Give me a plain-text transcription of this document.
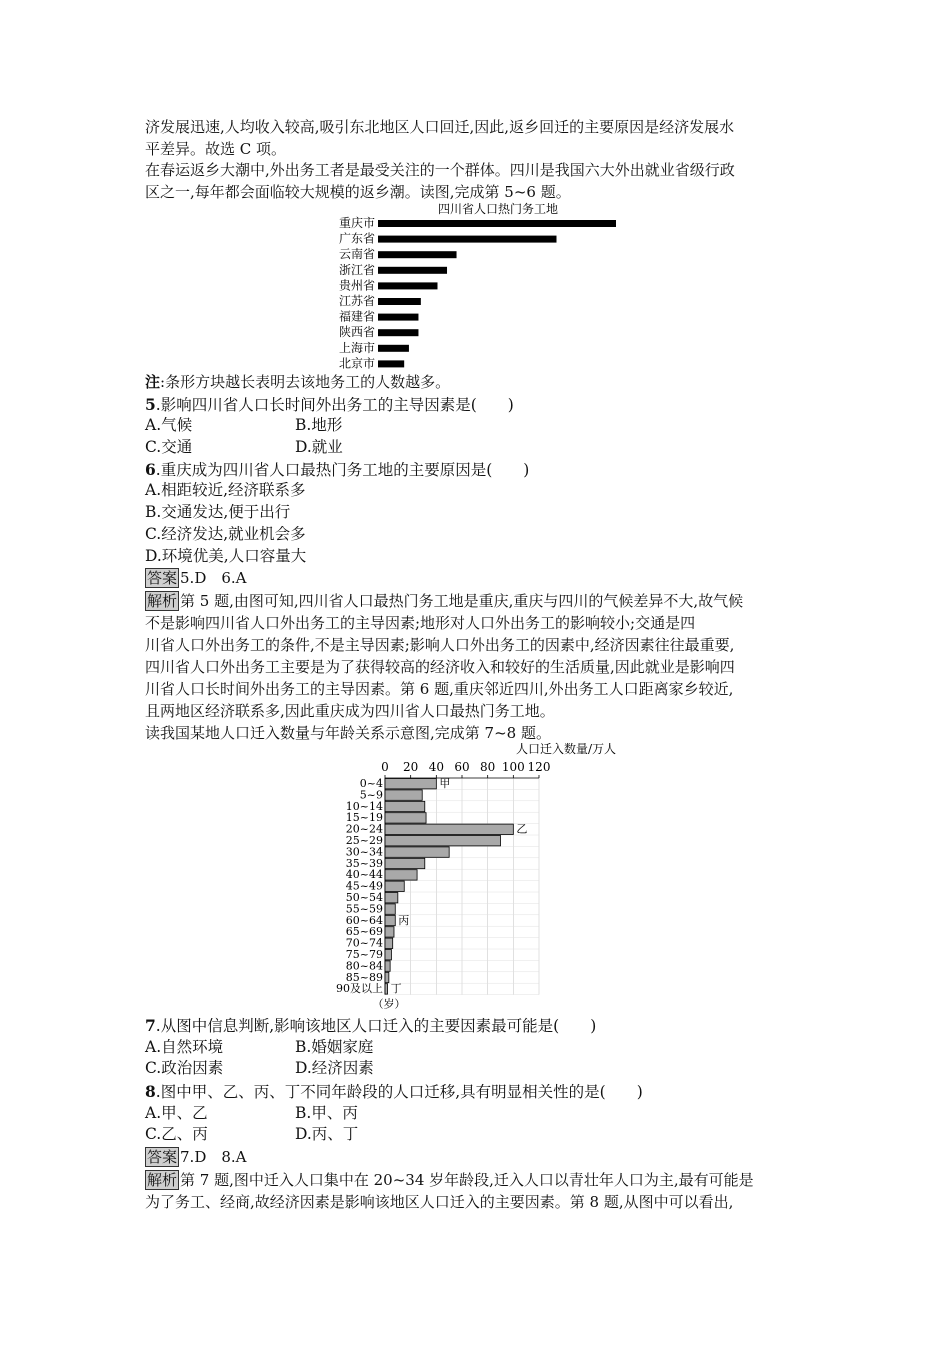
济发展迅速,人均收入较高,吸引东北地区人口回迁,因此,返乡回迁的主要原因是经济发展水
平差异。故选 C 项。
在春运返乡大潮中,外出务工者是最受关注的一个群体。四川是我国六大外出就业省级行政
区之一,每年都会面临较大规模的返乡潮。读图,完成第 5~6 题。
四川省人口热门务工地
重庆市
广东省
云南省
浙江省
贵州省
江苏省
福建省
陕西省
上海市
北京市
注:条形方块越长表明去该地务工的人数越多。
5.影响四川省人口长时间外出务工的主导因素是(　　)
A.气候	B.地形
C.交通	D.就业
6.重庆成为四川省人口最热门务工地的主要原因是(　　)
A.相距较近,经济联系多
B.交通发达,便于出行
C.经济发达,就业机会多
D.环境优美,人口容量大
答案 5.D　6.A
解析 第 5 题,由图可知,四川省人口最热门务工地是重庆,重庆与四川的气候差异不大,故气候
不是影响四川省人口外出务工的主导因素;地形对人口外出务工的影响较小;交通是四
川省人口外出务工的条件,不是主导因素;影响人口外出务工的因素中,经济因素往往最重要,
四川省人口外出务工主要是为了获得较高的经济收入和较好的生活质量,因此就业是影响四
川省人口长时间外出务工的主导因素。第 6 题,重庆邻近四川,外出务工人口距离家乡较近,
且两地区经济联系多,因此重庆成为四川省人口最热门务工地。
读我国某地人口迁入数量与年龄关系示意图,完成第 7~8 题。
人口迁入数量/万人
0 20 40 60 80 100 120
0~4
5~9
10~14
15~19
20~24
25~29
30~34
35~39
40~44
45~49
50~54
55~59
60~64
65~69
70~74
75~79
80~84
85~89
90及以上
甲
乙
丙
丁
（岁）
7.从图中信息判断,影响该地区人口迁入的主要因素最可能是(　　)
A.自然环境	B.婚姻家庭
C.政治因素	D.经济因素
8.图中甲、乙、丙、丁不同年龄段的人口迁移,具有明显相关性的是(　　)
A.甲、乙	B.甲、丙
C.乙、丙	D.丙、丁
答案 7.D　8.A
解析 第 7 题,图中迁入人口集中在 20~34 岁年龄段,迁入人口以青壮年人口为主,最有可能是
为了务工、经商,故经济因素是影响该地区人口迁入的主要因素。第 8 题,从图中可以看出,
